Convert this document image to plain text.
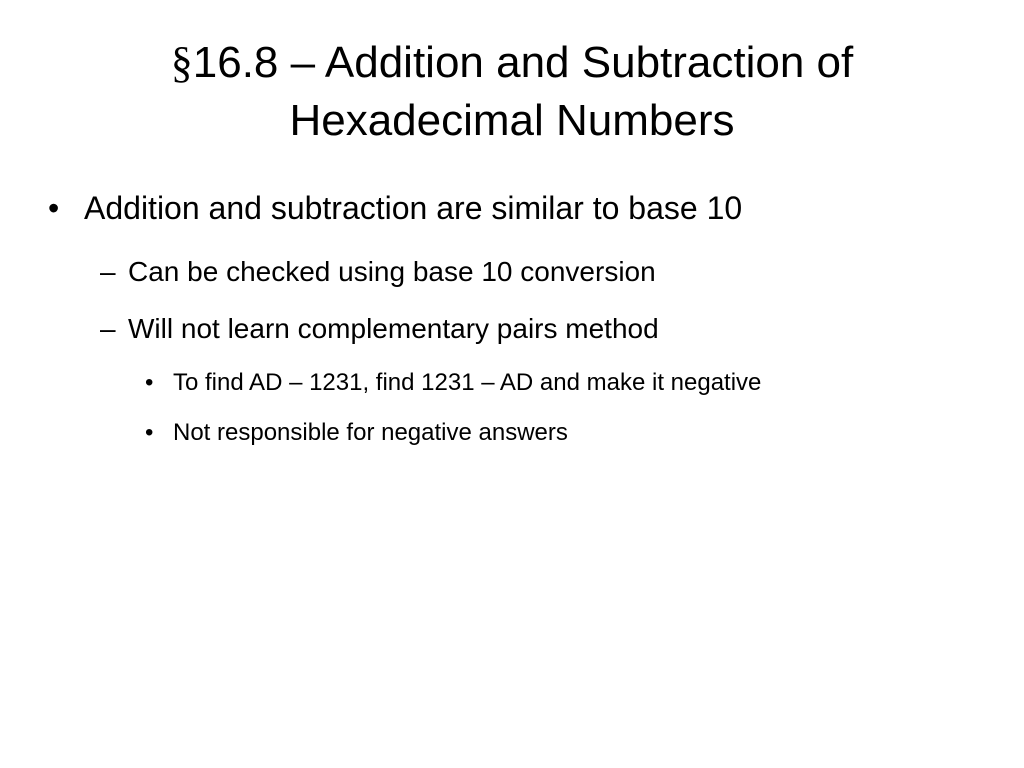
§16.8 – Addition and Subtraction of
Hexadecimal Numbers
• Addition and subtraction are similar to base 10
– Can be checked using base 10 conversion
– Will not learn complementary pairs method
• To find AD – 1231, find 1231 – AD and make it negative
• Not responsible for negative answers
